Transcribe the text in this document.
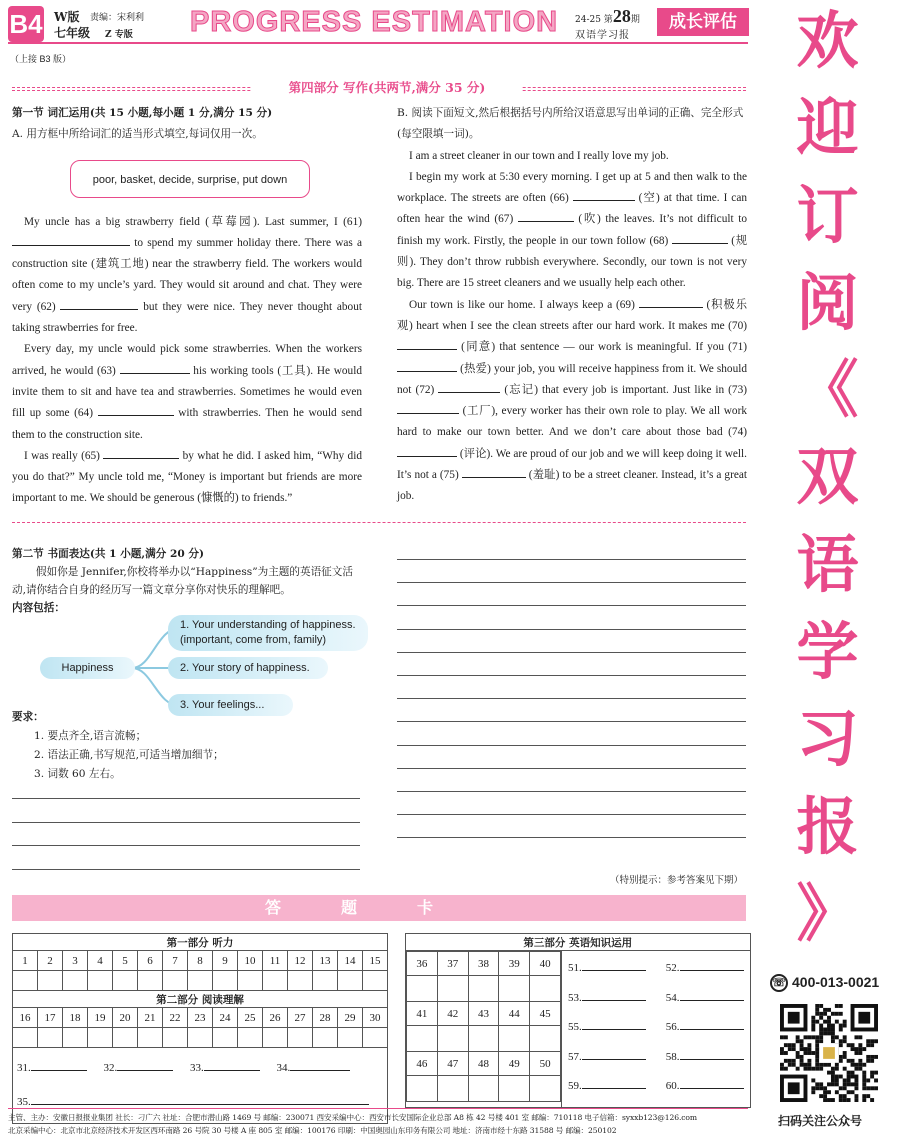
B4 W版
七年级
责编：宋利利
Z 专版 PROGRESS ESTIMATION 24-25 第28期
双语学习报
成长评估
（上接 B3 版）
第四部分 写作(共两节,满分 35 分)
第一节 词汇运用(共 15 小题,每小题 1 分,满分 15 分)
A. 用方框中所给词汇的适当形式填空,每词仅用一次。
poor, basket, decide, surprise, put down

My uncle has a big strawberry field (草莓园). Last summer, I (61)  to spend my summer holiday there. There was a construction site (建筑工地) near the strawberry field. The workers would often come to my uncle’s yard. They would sit around and chat. They were very (62)	but they were nice. They never thought about taking strawberries for free.

Every day, my uncle would pick some strawberries. When the workers arrived, he would (63)	his working tools (工具). He would invite them to sit and have tea and strawberries. Sometimes he would even fill up some (64)	with strawberries. Then he would send them to the construction site.

I was really (65)	by what he did. I asked him, “Why did you do that?” My uncle told me, “Money is important but friends are more important to me. We should be generous (慷慨的) to friends.”

B. 阅读下面短文,然后根据括号内所给汉语意思写出单词的正确、完全形式(每空限填一词)。

I am a street cleaner in our town and I really love my job.

I begin my work at 5:30 every morning. I get up at 5 and then walk to the workplace. The streets are often (66)	(空) at that time. I can often hear the wind (67)	(吹) the leaves. It’s not difficult to finish my work. Firstly, the people in our town follow (68)	(规则). They don’t throw rubbish everywhere. Secondly, our town is not very big. There are 15 street cleaners and we usually help each other.

Our town is like our home. I always keep a (69)	(积极乐观) heart when I see the clean streets after our hard work. It makes me (70)  (同意) that sentence — our work is meaningful. If you (71)  (热爱) your job, you will receive happiness from it. We should not (72)	(忘记) that every job is important. Just like in (73)  (工厂), every worker has their own role to play. We all work hard to make our town better. And we don’t care about those bad (74)  (评论). We are proud of our job and we will keep doing it well. It’s not a (75)	(羞耻) to be a street cleaner. Instead, it’s a great job.

第二节 书面表达(共 1 小题,满分 20 分)
假如你是 Jennifer,你校将举办以“Happiness”为主题的英语征文活动,请你结合自身的经历写一篇文章分享你对快乐的理解吧。
内容包括：
Happiness
1. Your understanding of happiness.
(important, come from, family)
2. Your story of happiness.
3. Your feelings...
要求：
1. 要点齐全,语言流畅；
2. 语法正确,书写规范,可适当增加细节；
3. 词数 60 左右。
（特别提示：参考答案见下期）
答题卡
第一部分 听力														
1	2	3	4	5	6	7	8	9	10	11	12	13	14	15

第二部分 阅读理解														
16	17	18	19	20	21	22	23	24	25	26	27	28	29	30

31. 32. 33. 34.
35.														
第三部分 英语知识运用

36	37	38	39	40

41	42	43	44	45

46	47	48	49	50

51.	52.
53.	54.
55.	56.
57.	58.
59.	60.
欢
迎
订
阅
《
双
语
学
习
报
》
☏ 400-013-0021
扫码关注公众号
主管、主办：安徽日报报业集团 社长：刁广六 社址：合肥市潜山路 1469 号 邮编：230071 西安采编中心：西安市长安国际企业总部 A8 栋 42 号楼 401 室 邮编：710118 电子信箱：syxxb123@126.com
北京采编中心：北京市北京经济技术开发区西环南路 26 号院 30 号楼 A 座 805 室 邮编：100176 印刷：中国奥园山东印务有限公司 地址：济南市经十东路 31588 号 邮编：250102
